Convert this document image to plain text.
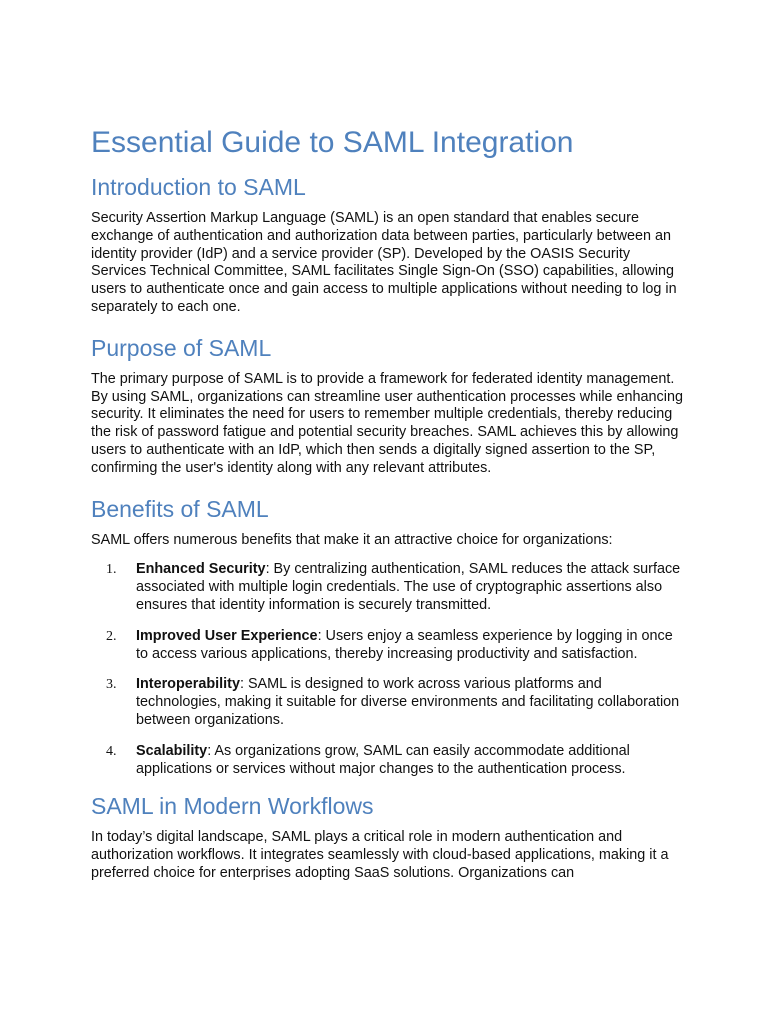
Essential Guide to SAML Integration
Introduction to SAML

Security Assertion Markup Language (SAML) is an open standard that enables secure exchange of authentication and authorization data between parties, particularly between an identity provider (IdP) and a service provider (SP). Developed by the OASIS Security Services Technical Committee, SAML facilitates Single Sign-On (SSO) capabilities, allowing users to authenticate once and gain access to multiple applications without needing to log in separately to each one.

Purpose of SAML

The primary purpose of SAML is to provide a framework for federated identity management. By using SAML, organizations can streamline user authentication processes while enhancing security. It eliminates the need for users to remember multiple credentials, thereby reducing the risk of password fatigue and potential security breaches. SAML achieves this by allowing users to authenticate with an IdP, which then sends a digitally signed assertion to the SP, confirming the user's identity along with any relevant attributes.

Benefits of SAML

SAML offers numerous benefits that make it an attractive choice for organizations:

1. Enhanced Security: By centralizing authentication, SAML reduces the attack surface associated with multiple login credentials. The use of cryptographic assertions also ensures that identity information is securely transmitted.
2. Improved User Experience: Users enjoy a seamless experience by logging in once to access various applications, thereby increasing productivity and satisfaction.
3. Interoperability: SAML is designed to work across various platforms and technologies, making it suitable for diverse environments and facilitating collaboration between organizations.
4. Scalability: As organizations grow, SAML can easily accommodate additional applications or services without major changes to the authentication process.
SAML in Modern Workflows

In today’s digital landscape, SAML plays a critical role in modern authentication and authorization workflows. It integrates seamlessly with cloud-based applications, making it a preferred choice for enterprises adopting SaaS solutions. Organizations can
